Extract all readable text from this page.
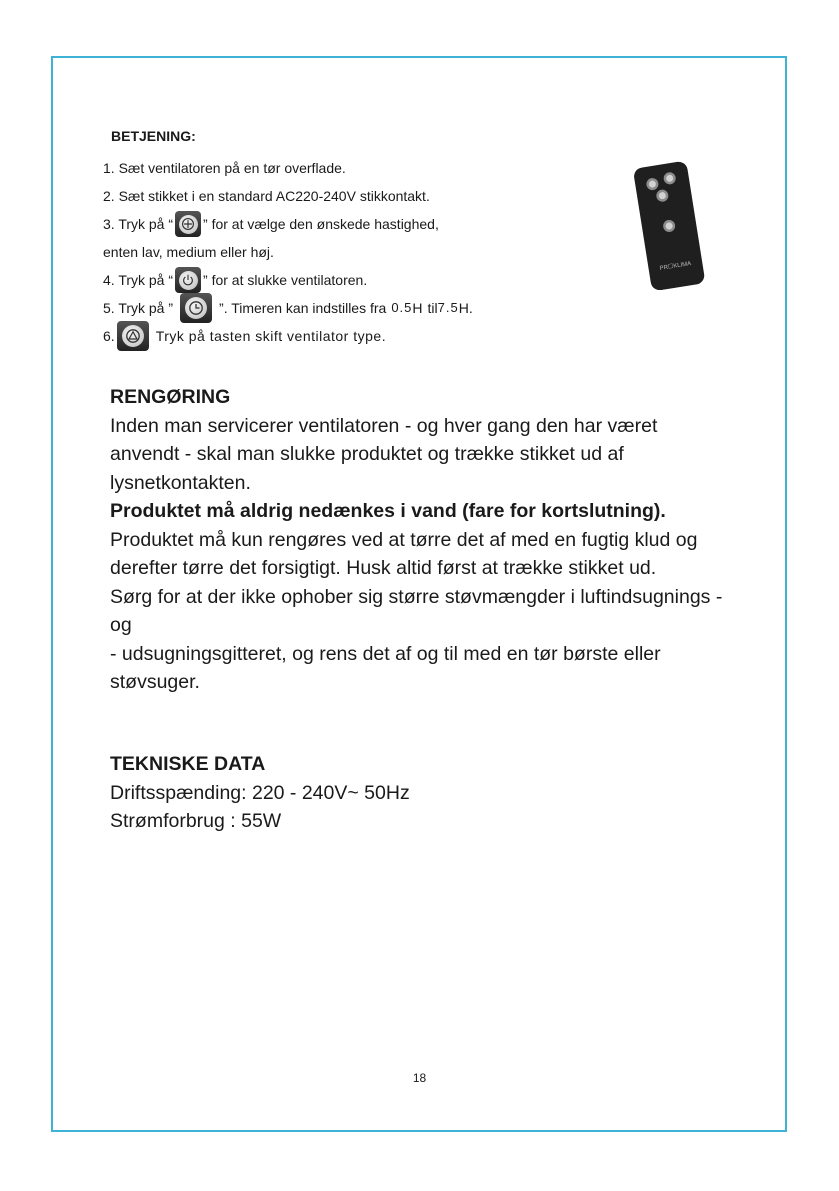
BETJENING:
1. Sæt ventilatoren på en tør overflade.
2. Sæt stikket i en standard AC220-240V stikkontakt.
3. Tryk på “ ” for at vælge den ønskede hastighed,
enten lav, medium eller høj.
4. Tryk på “ ” for at slukke ventilatoren.
5. Tryk på ”	”. Timeren kan indstilles fra 0.5 H til 7.5 H.
6.	Tryk på tasten skift ventilator type.
PR☐KLIMA
RENGØRING

Inden man servicerer ventilatoren - og hver gang den har været anvendt - skal man slukke produktet og trække stikket ud af lysnetkontakten.

Produktet må aldrig nedænkes i vand (fare for kortslutning). Produktet må kun rengøres ved at tørre det af med en fugtig klud og derefter tørre det forsigtigt. Husk altid først at trække stikket ud.

Sørg for at der ikke ophober sig større støvmængder i luftindsugnings - og

- udsugningsgitteret, og rens det af og til med en tør børste eller støvsuger.

TEKNISKE DATA
Driftsspænding: 220 - 240V~ 50Hz
Strømforbrug : 55W
18
